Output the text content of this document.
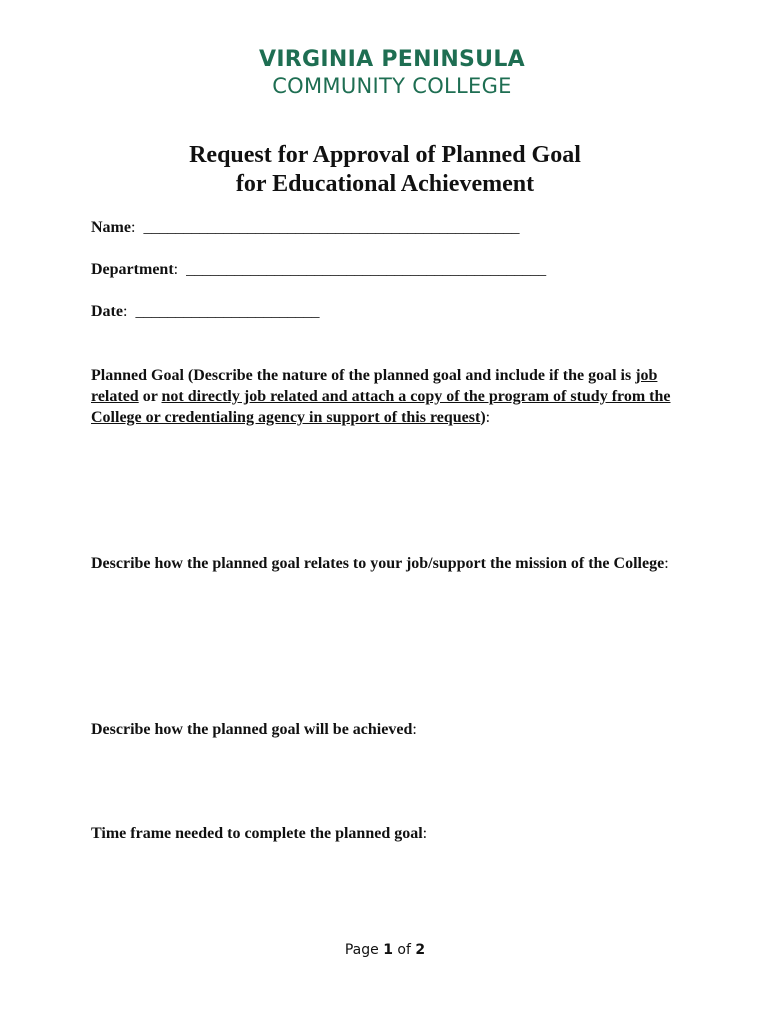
VIRGINIA PENINSULA
COMMUNITY COLLEGE
Request for Approval of Planned Goal
for Educational Achievement
Name: _______________________________________________
Department: _____________________________________________
Date: _______________________
Planned Goal (Describe the nature of the planned goal and include if the goal is job related or not directly job related and attach a copy of the program of study from the College or credentialing agency in support of this request):
Describe how the planned goal relates to your job/support the mission of the College:
Describe how the planned goal will be achieved:
Time frame needed to complete the planned goal:
Page 1 of 2
